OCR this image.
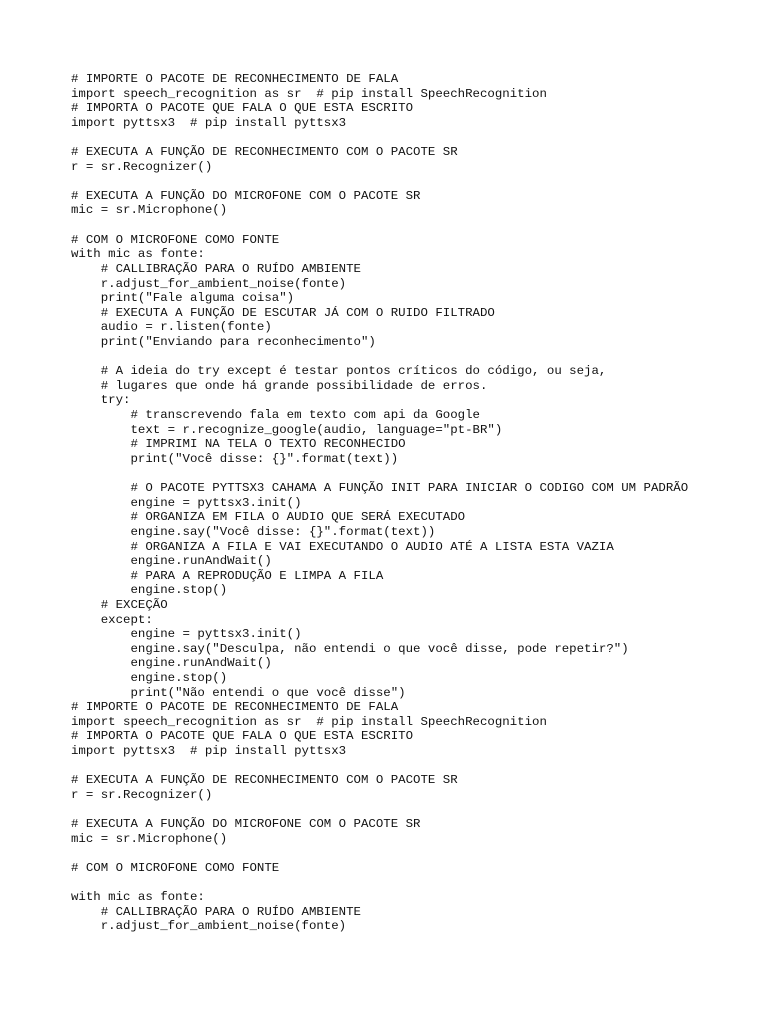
# IMPORTE O PACOTE DE RECONHECIMENTO DE FALA
import speech_recognition as sr  # pip install SpeechRecognition
# IMPORTA O PACOTE QUE FALA O QUE ESTA ESCRITO
import pyttsx3  # pip install pyttsx3
# EXECUTA A FUNÇÃO DE RECONHECIMENTO COM O PACOTE SR
r = sr.Recognizer()
# EXECUTA A FUNÇÃO DO MICROFONE COM O PACOTE SR
mic = sr.Microphone()
# COM O MICROFONE COMO FONTE
with mic as fonte:
# CALLIBRAÇÃO PARA O RUÍDO AMBIENTE
r.adjust_for_ambient_noise(fonte)
print("Fale alguma coisa")
# EXECUTA A FUNÇÃO DE ESCUTAR JÁ COM O RUIDO FILTRADO
audio = r.listen(fonte)
print("Enviando para reconhecimento")
# A ideia do try except é testar pontos críticos do código, ou seja,
# lugares que onde há grande possibilidade de erros.
try:
# transcrevendo fala em texto com api da Google
text = r.recognize_google(audio, language="pt-BR")
# IMPRIMI NA TELA O TEXTO RECONHECIDO
print("Você disse: {}".format(text))
# O PACOTE PYTTSX3 CAHAMA A FUNÇÃO INIT PARA INICIAR O CODIGO COM UM PADRÃO
engine = pyttsx3.init()
# ORGANIZA EM FILA O AUDIO QUE SERÁ EXECUTADO
engine.say("Você disse: {}".format(text))
# ORGANIZA A FILA E VAI EXECUTANDO O AUDIO ATÉ A LISTA ESTA VAZIA
engine.runAndWait()
# PARA A REPRODUÇÃO E LIMPA A FILA
engine.stop()
# EXCEÇÃO
except:
engine = pyttsx3.init()
engine.say("Desculpa, não entendi o que você disse, pode repetir?")
engine.runAndWait()
engine.stop()
print("Não entendi o que você disse")
# IMPORTE O PACOTE DE RECONHECIMENTO DE FALA
import speech_recognition as sr  # pip install SpeechRecognition
# IMPORTA O PACOTE QUE FALA O QUE ESTA ESCRITO
import pyttsx3  # pip install pyttsx3
# EXECUTA A FUNÇÃO DE RECONHECIMENTO COM O PACOTE SR
r = sr.Recognizer()
# EXECUTA A FUNÇÃO DO MICROFONE COM O PACOTE SR
mic = sr.Microphone()
# COM O MICROFONE COMO FONTE
with mic as fonte:
# CALLIBRAÇÃO PARA O RUÍDO AMBIENTE
r.adjust_for_ambient_noise(fonte)
